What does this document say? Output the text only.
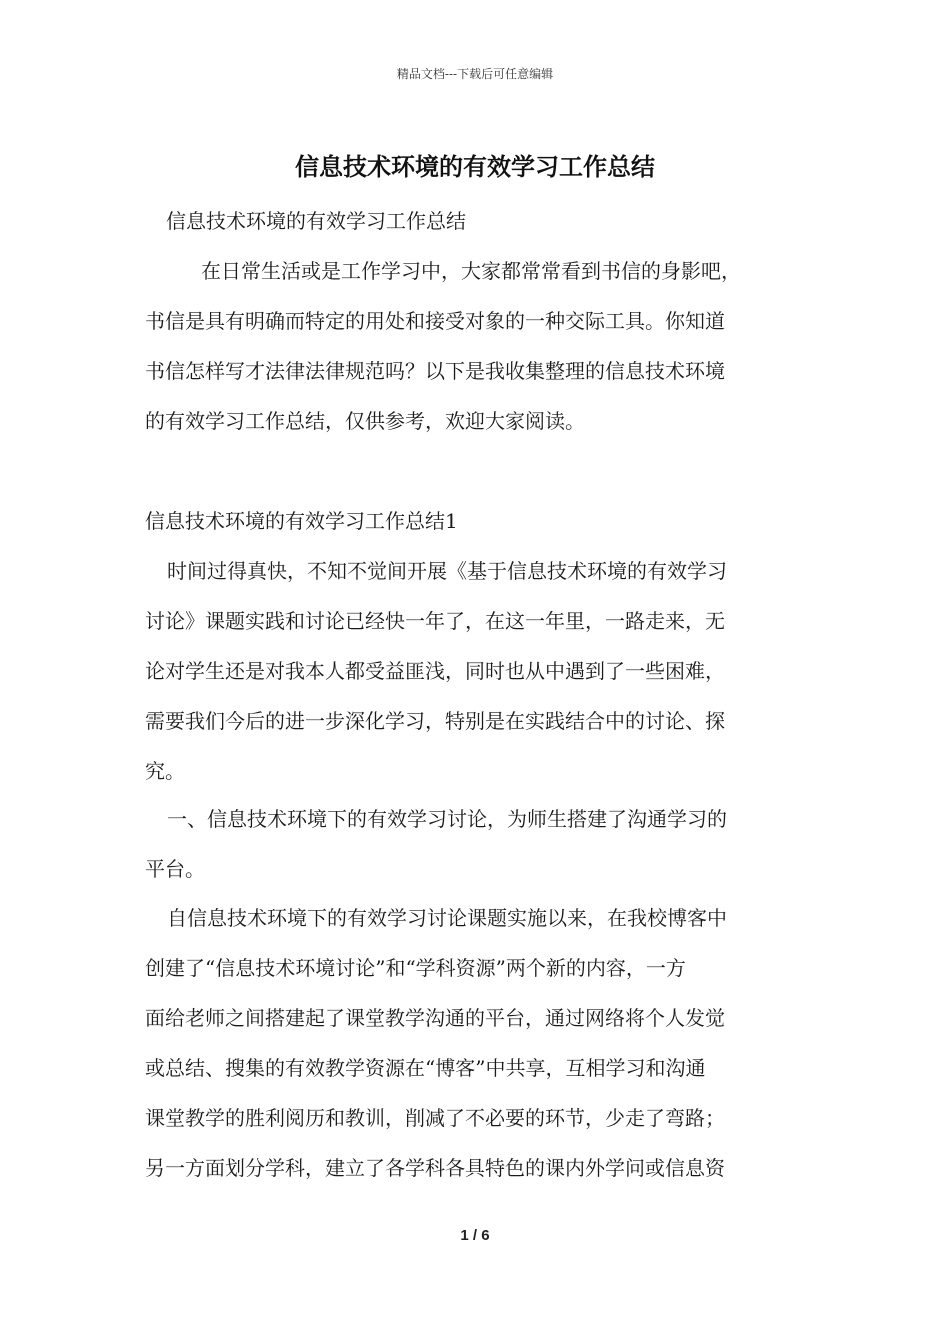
精品文档---下载后可任意编辑
信息技术环境的有效学习工作总结
信息技术环境的有效学习工作总结
在日常生活或是工作学习中，大家都常常看到书信的身影吧，
书信是具有明确而特定的用处和接受对象的一种交际工具。你知道
书信怎样写才法律法律规范吗？以下是我收集整理的信息技术环境
的有效学习工作总结，仅供参考，欢迎大家阅读。
信息技术环境的有效学习工作总结1
时间过得真快，不知不觉间开展《基于信息技术环境的有效学习
讨论》课题实践和讨论已经快一年了，在这一年里，一路走来，无
论对学生还是对我本人都受益匪浅，同时也从中遇到了一些困难，
需要我们今后的进一步深化学习，特别是在实践结合中的讨论、探
究。
一、信息技术环境下的有效学习讨论，为师生搭建了沟通学习的
平台。
自信息技术环境下的有效学习讨论课题实施以来，在我校博客中
创建了“信息技术环境讨论”和“学科资源”两个新的内容，一方
面给老师之间搭建起了课堂教学沟通的平台，通过网络将个人发觉
或总结、搜集的有效教学资源在“博客”中共享，互相学习和沟通
课堂教学的胜利阅历和教训，削减了不必要的环节，少走了弯路；
另一方面划分学科，建立了各学科各具特色的课内外学问或信息资
1 / 6
